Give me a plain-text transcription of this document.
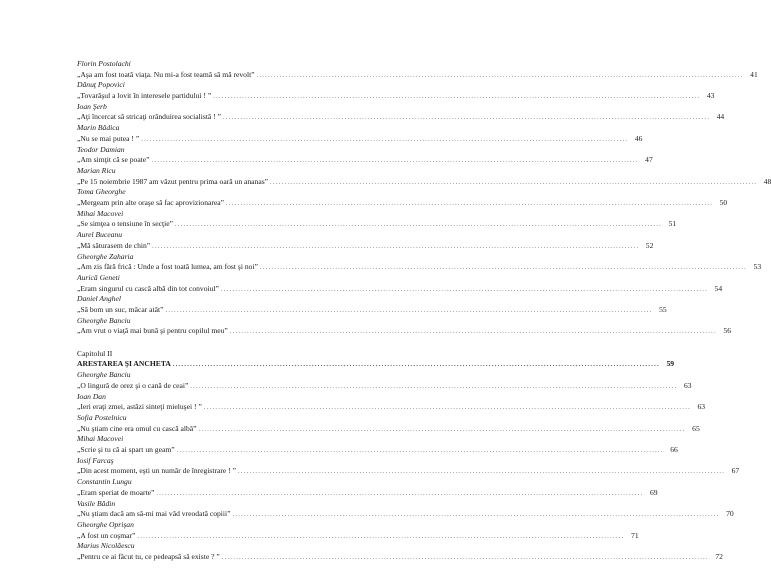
Florin Postolachi
„Aşa am fost toată viaţa. Nu mi-a fost teamă să mă revolt” .....	41
Dănuţ Popovici
„Tovarăşul a lovit în interesele partidului ! ” .....	43
Ioan Şerb
„Aţi încercat să stricaţi orânduirea socialistă ! ” .....	44
Marin Bădica
„Nu se mai putea ! ” .....	46
Teodor Damian
„Am simţit că se poate” .....	47
Marian Ricu
„Pe 15 noiembrie 1987 am văzut pentru prima oară un ananas” .....	48
Toma Gheorghe
„Mergeam prin alte oraşe să fac aprovizionarea” .....	50
Mihai Macovei
„Se simţea o tensiune în secţie” .....	51
Aurel Buceanu
„Mă săturasem de chin” .....	52
Gheorghe Zaharia
„Am zis fără frică : Unde a fost toată lumea, am fost şi noi” .....	53
Aurică Geneti
„Eram singurul cu cască albă din tot convoiul” .....	54
Daniel Anghel
„Să bom un suc, măcar atât” .....	55
Gheorghe Banciu
„Am vrut o viaţă mai bună şi pentru copilul meu” .....	56
Capitolul II
ARESTAREA ŞI ANCHETA .....	59
Gheorghe Banciu
„O lingură de orez şi o cană de ceai” .....	63
Ioan Dan
„Ieri eraţi zmei, astăzi sinteţi mieluşei ! ” .....	63
Sofia Postelnicu
„Nu ştiam cine era omul cu cască albă” .....	65
Mihai Macovei
„Scrie şi tu că ai spart un geam” .....	66
Iosif Farcaş
„Din acest moment, eşti un număr de înregistrare ! ” .....	67
Constantin Lungu
„Eram speriat de moarte” .....	69
Vasile Bădin
„Nu ştiam dacă am să-mi mai văd vreodată copiii” .....	70
Gheorghe Oprişan
„A fost un coşmar” .....	71
Marius Nicolăescu
„Pentru ce ai făcut tu, ce pedeapsă să existe ? ” .....	72
